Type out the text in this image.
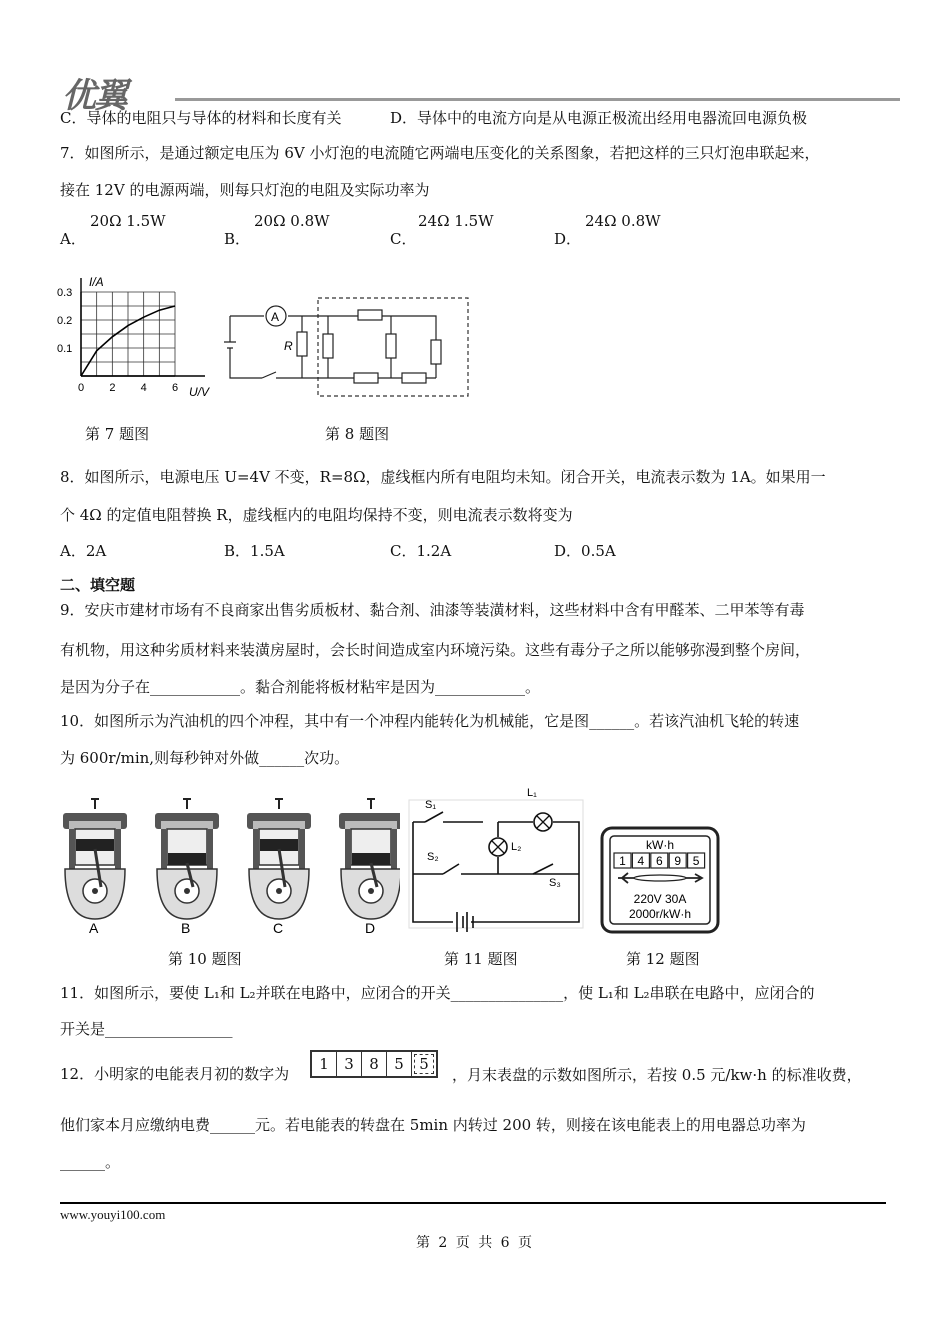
优翼
C．导体的电阻只与导体的材料和长度有关	D．导体中的电流方向是从电源正极流出经用电器流回电源负极
7．如图所示，是通过额定电压为 6V 小灯泡的电流随它两端电压变化的关系图象，若把这样的三只灯泡串联起来，
接在 12V 的电源两端，则每只灯泡的电阻及实际功率为
A．
20Ω 1.5W
B．
20Ω 0.8W
C．
24Ω 1.5W
D．
24Ω 0.8W
0 2 4 6
0.1
0.2
0.3
I/A
U/V
A
R
第 7 题图	第 8 题图
8．如图所示，电源电压 U=4V 不变，R=8Ω，虚线框内所有电阻均未知。闭合开关，电流表示数为 1A。如果用一
个 4Ω 的定值电阻替换 R，虚线框内的电阻均保持不变，则电流表示数将变为
A．2A	B．1.5A	C．1.2A	D．0.5A
二、填空题
9．安庆市建材市场有不良商家出售劣质板材、黏合剂、油漆等装潢材料，这些材料中含有甲醛苯、二甲苯等有毒
有机物，用这种劣质材料来装潢房屋时，会长时间造成室内环境污染。这些有毒分子之所以能够弥漫到整个房间，
是因为分子在____________。黏合剂能将板材粘牢是因为____________。
10．如图所示为汽油机的四个冲程，其中有一个冲程内能转化为机械能，它是图______。若该汽油机飞轮的转速
为 600r/min,则每秒钟对外做______次功。
A	B	C	D
S₁
L₁
S₂
L₂
S₃
kW·h
1 4 6 9 5
220V 30A
2000r/kW·h
第 10 题图	第 11 题图	第 12 题图
11．如图所示，要使 L₁和 L₂并联在电路中，应闭合的开关_______________，使 L₁和 L₂串联在电路中，应闭合的
开关是_________________
12．小明家的电能表月初的数字为
1	3	8	5	5
，月末表盘的示数如图所示，若按 0.5 元/kw·h 的标准收费，
他们家本月应缴纳电费______元。若电能表的转盘在 5min 内转过 200 转，则接在该电能表上的用电器总功率为
______。
www.youyi100.com
第 2 页 共 6 页
